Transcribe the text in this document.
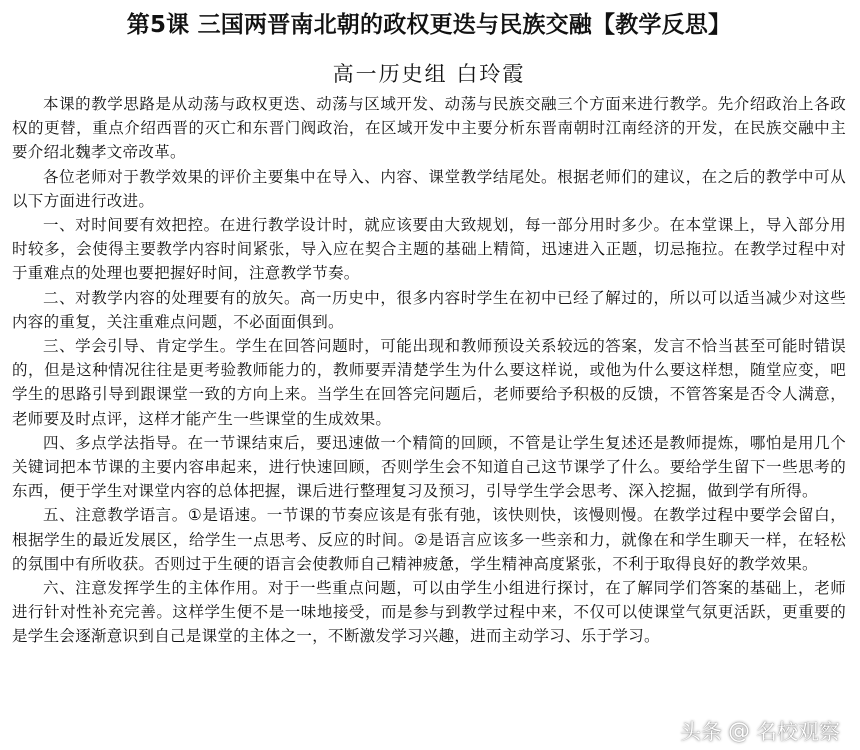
第5课 三国两晋南北朝的政权更迭与民族交融【教学反思】
高一历史组 白玲霞

本课的教学思路是从动荡与政权更迭、动荡与区域开发、动荡与民族交融三个方面来进行教学。先介绍政治上各政权的更替，重点介绍西晋的灭亡和东晋门阀政治，在区域开发中主要分析东晋南朝时江南经济的开发，在民族交融中主要介绍北魏孝文帝改革。

各位老师对于教学效果的评价主要集中在导入、内容、课堂教学结尾处。根据老师们的建议，在之后的教学中可从以下方面进行改进。

一、对时间要有效把控。在进行教学设计时，就应该要由大致规划，每一部分用时多少。在本堂课上，导入部分用时较多，会使得主要教学内容时间紧张，导入应在契合主题的基础上精简，迅速进入正题，切忌拖拉。在教学过程中对于重难点的处理也要把握好时间，注意教学节奏。

二、对教学内容的处理要有的放矢。高一历史中，很多内容时学生在初中已经了解过的，所以可以适当减少对这些内容的重复，关注重难点问题，不必面面俱到。

三、学会引导、肯定学生。学生在回答问题时，可能出现和教师预设关系较远的答案，发言不恰当甚至可能时错误的，但是这种情况往往是更考验教师能力的，教师要弄清楚学生为什么要这样说，或他为什么要这样想，随堂应变，吧学生的思路引导到跟课堂一致的方向上来。当学生在回答完问题后，老师要给予积极的反馈，不管答案是否令人满意，老师要及时点评，这样才能产生一些课堂的生成效果。

四、多点学法指导。在一节课结束后，要迅速做一个精简的回顾，不管是让学生复述还是教师提炼，哪怕是用几个关键词把本节课的主要内容串起来，进行快速回顾，否则学生会不知道自己这节课学了什么。要给学生留下一些思考的东西，便于学生对课堂内容的总体把握，课后进行整理复习及预习，引导学生学会思考、深入挖掘，做到学有所得。

五、注意教学语言。①是语速。一节课的节奏应该是有张有弛，该快则快，该慢则慢。在教学过程中要学会留白，根据学生的最近发展区，给学生一点思考、反应的时间。②是语言应该多一些亲和力，就像在和学生聊天一样，在轻松的氛围中有所收获。否则过于生硬的语言会使教师自己精神疲惫，学生精神高度紧张，不利于取得良好的教学效果。

六、注意发挥学生的主体作用。对于一些重点问题，可以由学生小组进行探讨，在了解同学们答案的基础上，老师进行针对性补充完善。这样学生便不是一味地接受，而是参与到教学过程中来，不仅可以使课堂气氛更活跃，更重要的是学生会逐渐意识到自己是课堂的主体之一，不断激发学习兴趣，进而主动学习、乐于学习。

头条 @ 名校观察
